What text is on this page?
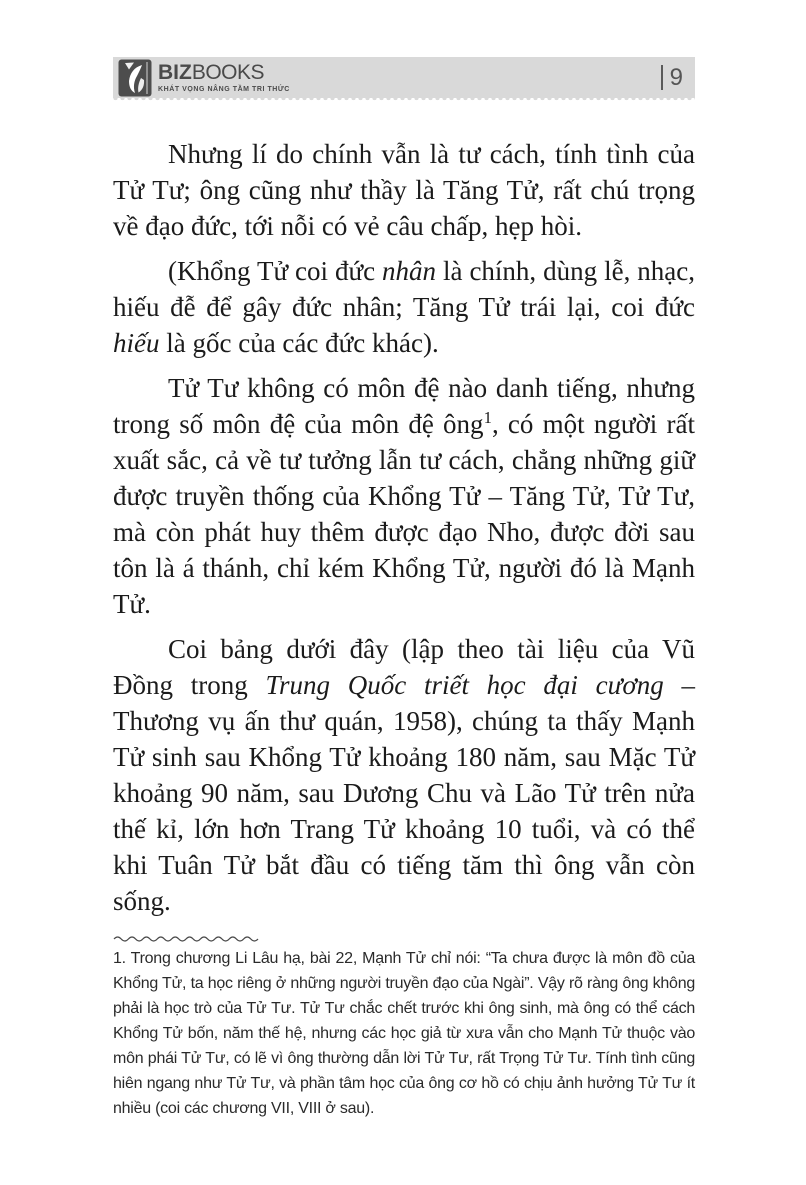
BIZBOOKS
KHÁT VỌNG NÂNG TẦM TRI THỨC	9

Nhưng lí do chính vẫn là tư cách, tính tình của Tử Tư; ông cũng như thầy là Tăng Tử, rất chú trọng về đạo đức, tới nỗi có vẻ câu chấp, hẹp hòi.

(Khổng Tử coi đức nhân là chính, dùng lễ, nhạc, hiếu đễ để gây đức nhân; Tăng Tử trái lại, coi đức hiếu là gốc của các đức khác).

Tử Tư không có môn đệ nào danh tiếng, nhưng trong số môn đệ của môn đệ ông$^1$, có một người rất xuất sắc, cả về tư tưởng lẫn tư cách, chẳng những giữ được truyền thống của Khổng Tử – Tăng Tử, Tử Tư, mà còn phát huy thêm được đạo Nho, được đời sau tôn là á thánh, chỉ kém Khổng Tử, người đó là Mạnh Tử.

Coi bảng dưới đây (lập theo tài liệu của Vũ Đồng trong Trung Quốc triết học đại cương – Thương vụ ấn thư quán, 1958), chúng ta thấy Mạnh Tử sinh sau Khổng Tử khoảng 180 năm, sau Mặc Tử khoảng 90 năm, sau Dương Chu và Lão Tử trên nửa thế kỉ, lớn hơn Trang Tử khoảng 10 tuổi, và có thể khi Tuân Tử bắt đầu có tiếng tăm thì ông vẫn còn sống.

1. Trong chương Li Lâu hạ, bài 22, Mạnh Tử chỉ nói: “Ta chưa được là môn đồ của Khổng Tử, ta học riêng ở những người truyền đạo của Ngài”. Vậy rõ ràng ông không phải là học trò của Tử Tư. Tử Tư chắc chết trước khi ông sinh, mà ông có thể cách Khổng Tử bốn, năm thế hệ, nhưng các học giả từ xưa vẫn cho Mạnh Tử thuộc vào môn phái Tử Tư, có lẽ vì ông thường dẫn lời Tử Tư, rất Trọng Tử Tư. Tính tình cũng hiên ngang như Tử Tư, và phần tâm học của ông cơ hồ có chịu ảnh hưởng Tử Tư ít nhiều (coi các chương VII, VIII ở sau).
